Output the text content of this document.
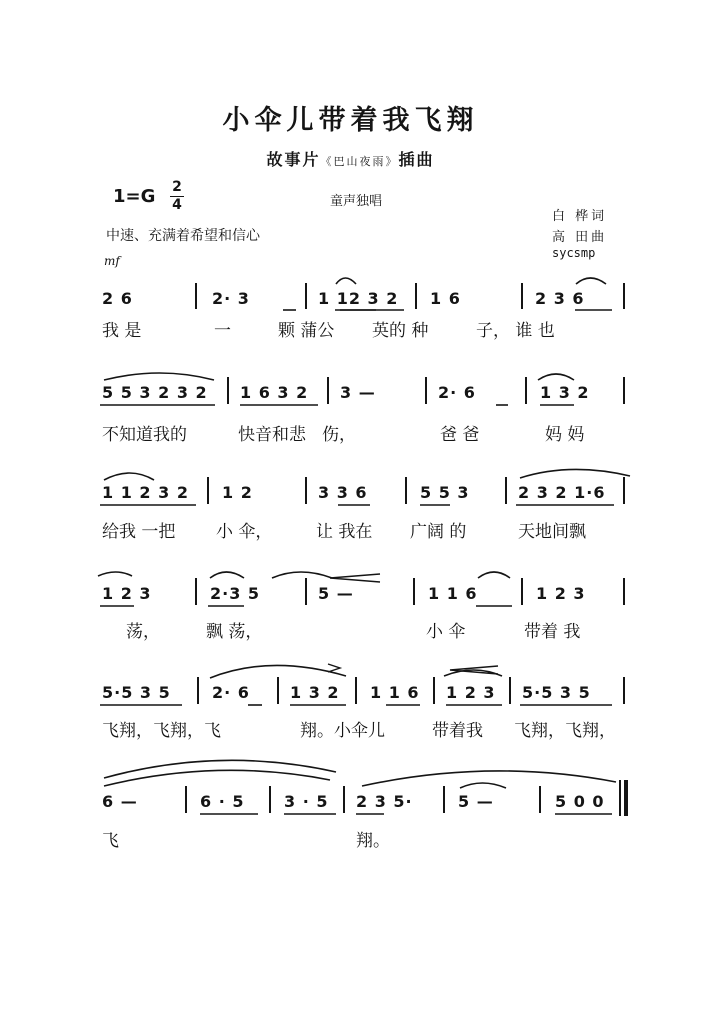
小伞儿带着我飞翔
故事片《巴山夜雨》插曲
1=G 2
4	童声独唱
中速、充满着希望和信心
mf
白 桦词
高 田曲
sycsmp
2 6	2· 3	1 12 3 2 1 6	2 3 6
我 是	一	颗 蒲公 英的 种	子， 谁 也
5 5 3 2 3 2 1 6 3 2 3 —	2· 6	1 3 2
不知道我的	快音和悲 伤，	爸 爸	妈 妈
1 1 2 3 2 1 2	3 3 6	5 5 3	2 3 2 1·6
给我 一把 小 伞，	让 我在 广阔 的	天地间飘
1 2 3	2·3 5	5 —	1 1 6	1 2 3
荡，	飘 荡，	小 伞	带着 我
5·5 3 5	2· 6	1 3 2 1 1 6 1 2 3 5·5 3 5
飞翔，飞翔，飞	翔。小伞儿	带着我 飞翔，飞翔，
6 —	6 · 5 3 · 5 2 3 5·	5 —	5 0 0
飞	翔。
